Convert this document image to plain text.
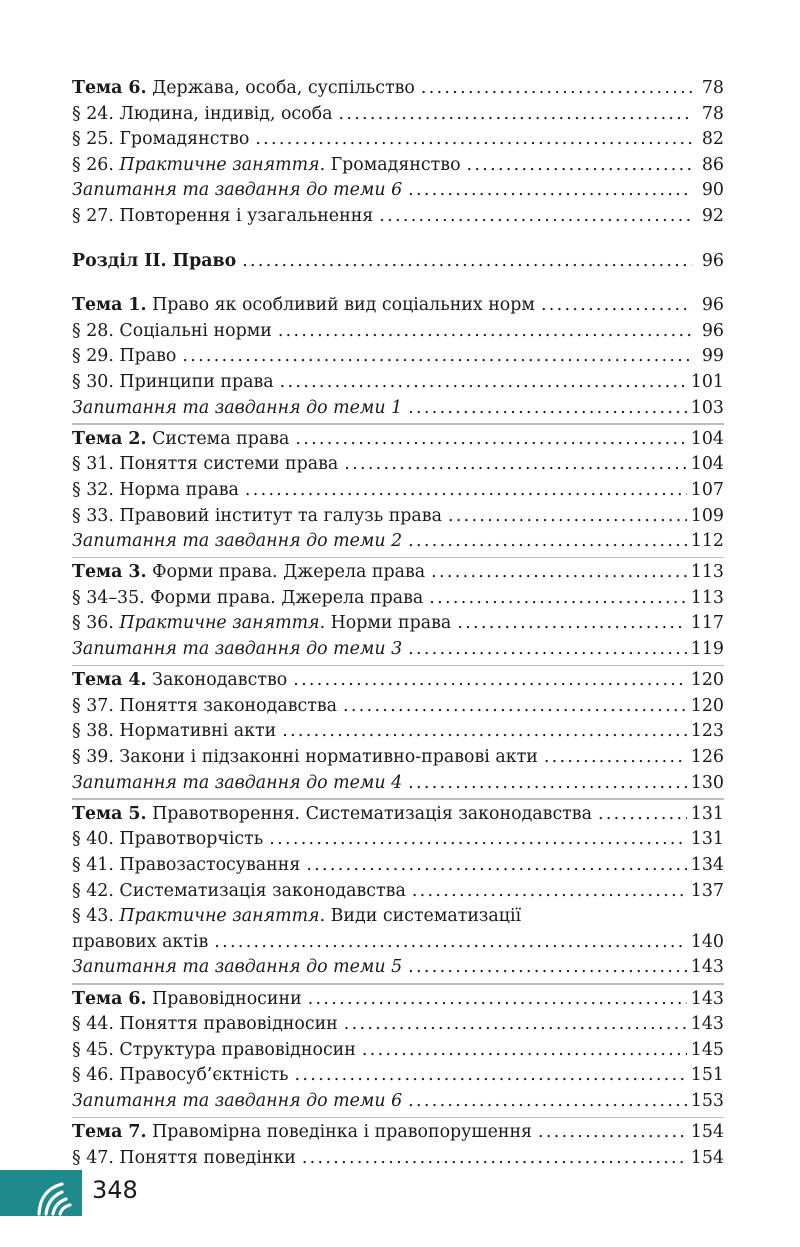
Тема 6. Держава, особа, суспільство . . .	78
§ 24. Людина, індивід, особа . . .	78
§ 25. Громадянство . . .	82
§ 26. Практичне заняття. Громадянство . . .	86
Запитання та завдання до теми 6 . . .	90
§ 27. Повторення і узагальнення . . .	92
Розділ ІІ. Право . . .	96
Тема 1. Право як особливий вид соціальних норм . . .	96
§ 28. Соціальні норми . . .	96
§ 29. Право . . .	99
§ 30. Принципи права . . .	101
Запитання та завдання до теми 1 . . .	103
Тема 2. Система права . . .	104
§ 31. Поняття системи права . . .	104
§ 32. Норма права . . .	107
§ 33. Правовий інститут та галузь права . . .	109
Запитання та завдання до теми 2 . . .	112
Тема 3. Форми права. Джерела права . . .	113
§ 34–35. Форми права. Джерела права . . .	113
§ 36. Практичне заняття. Норми права . . .	117
Запитання та завдання до теми 3 . . .	119
Тема 4. Законодавство . . .	120
§ 37. Поняття законодавства . . .	120
§ 38. Нормативні акти . . .	123
§ 39. Закони і підзаконні нормативно-правові акти . . .	126
Запитання та завдання до теми 4 . . .	130
Тема 5. Правотворення. Систематизація законодавства . . .	131
§ 40. Правотворчість . . .	131
§ 41. Правозастосування . . .	134
§ 42. Систематизація законодавства . . .	137
§ 43. Практичне заняття. Види систематизації
правових актів . . .	140
Запитання та завдання до теми 5 . . .	143
Тема 6. Правовідносини . . .	143
§ 44. Поняття правовідносин . . .	143
§ 45. Структура правовідносин . . .	145
§ 46. Правосуб’єктність . . .	151
Запитання та завдання до теми 6 . . .	153
Тема 7. Правомірна поведінка і правопорушення . . .	154
§ 47. Поняття поведінки . . .	154
348
